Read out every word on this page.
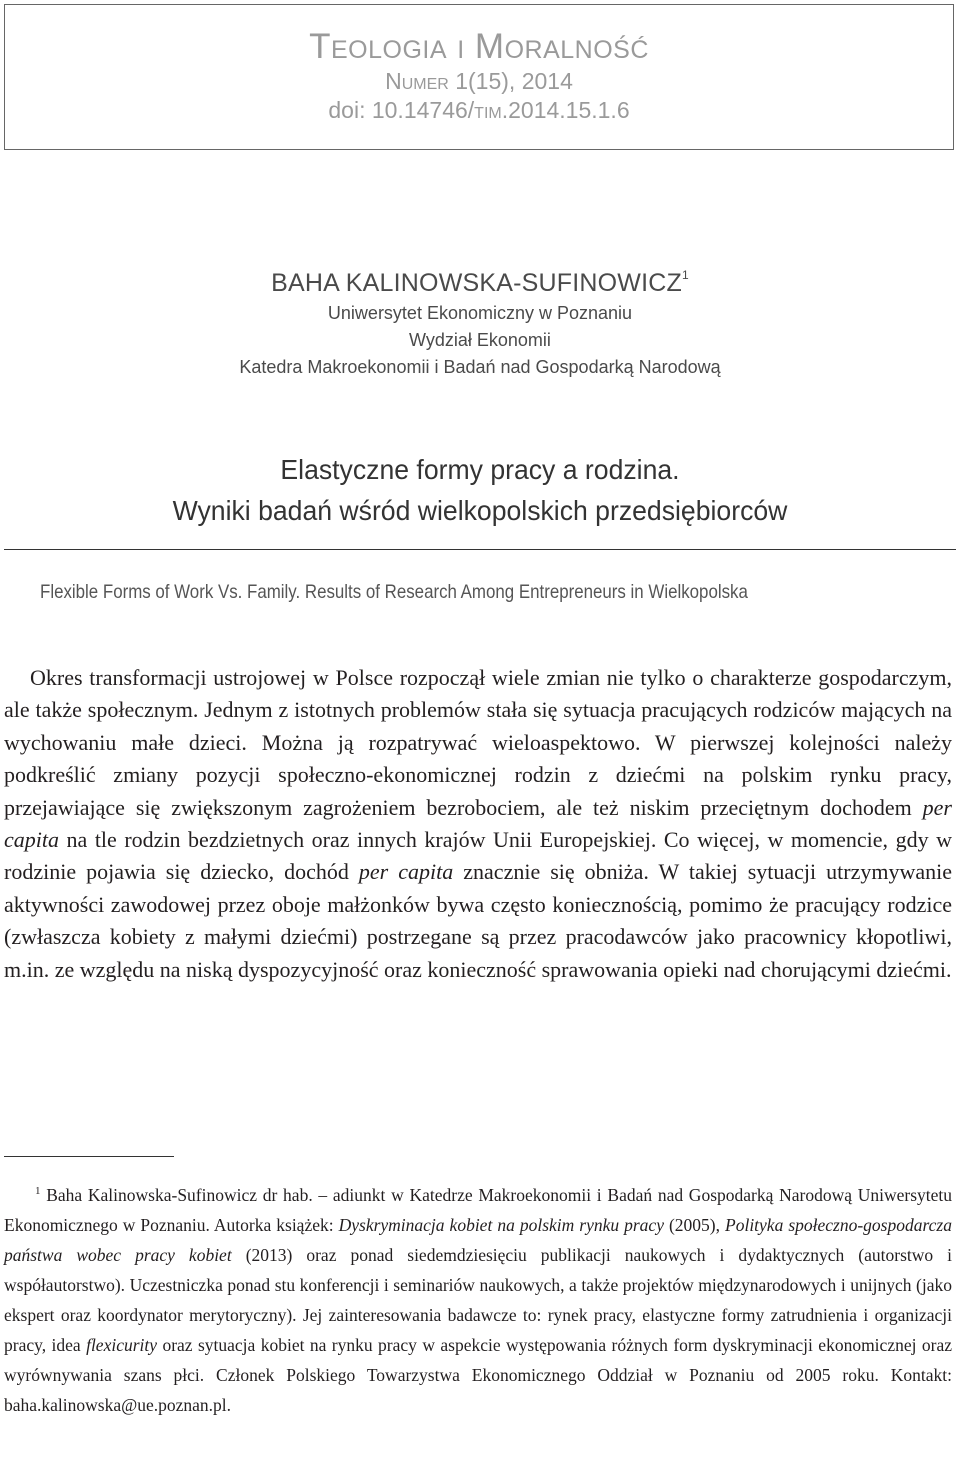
Teologia i Moralność
Numer 1(15), 2014
doi: 10.14746/tim.2014.15.1.6
BAHA KALINOWSKA-SUFINOWICZ$^1$
Uniwersytet Ekonomiczny w Poznaniu
Wydział Ekonomii
Katedra Makroekonomii i Badań nad Gospodarką Narodową
Elastyczne formy pracy a rodzina.
Wyniki badań wśród wielkopolskich przedsiębiorców
Flexible Forms of Work Vs. Family. Results of Research Among Entrepreneurs in Wielkopolska

Okres transformacji ustrojowej w Polsce rozpoczął wiele zmian nie tylko o charakterze gospodarczym, ale także społecznym. Jednym z istotnych problemów stała się sytuacja pracujących rodziców mających na wychowaniu małe dzieci. Można ją rozpatrywać wieloaspektowo. W pierwszej kolejności należy podkreślić zmiany pozycji społeczno-ekonomicznej rodzin z dziećmi na polskim rynku pracy, przejawiające się zwiększonym zagrożeniem bezrobociem, ale też niskim przeciętnym dochodem per capita na tle rodzin bezdzietnych oraz innych krajów Unii Europejskiej. Co więcej, w momencie, gdy w rodzinie pojawia się dziecko, dochód per capita znacznie się obniża. W takiej sytuacji utrzymywanie aktywności zawodowej przez oboje małżonków bywa często koniecznością, pomimo że pracujący rodzice (zwłaszcza kobiety z małymi dziećmi) postrzegane są przez pracodawców jako pracownicy kłopotliwi, m.in. ze względu na niską dyspozycyjność oraz konieczność sprawowania opieki nad chorującymi dziećmi.

$^1$ Baha Kalinowska-Sufinowicz dr hab. – adiunkt w Katedrze Makroekonomii i Badań nad Gospodarką Narodową Uniwersytetu Ekonomicznego w Poznaniu. Autorka książek: Dyskryminacja kobiet na polskim rynku pracy (2005), Polityka społeczno-gospodarcza państwa wobec pracy kobiet (2013) oraz ponad siedemdziesięciu publikacji naukowych i dydaktycznych (autorstwo i współautorstwo). Uczestniczka ponad stu konferencji i seminariów naukowych, a także projektów międzynarodowych i unijnych (jako ekspert oraz koordynator merytoryczny). Jej zainteresowania badawcze to: rynek pracy, elastyczne formy zatrudnienia i organizacji pracy, idea flexicurity oraz sytuacja kobiet na rynku pracy w aspekcie występowania różnych form dyskryminacji ekonomicznej oraz wyrównywania szans płci. Członek Polskiego Towarzystwa Ekonomicznego Oddział w Poznaniu od 2005 roku. Kontakt: baha.kalinowska@ue.poznan.pl.
